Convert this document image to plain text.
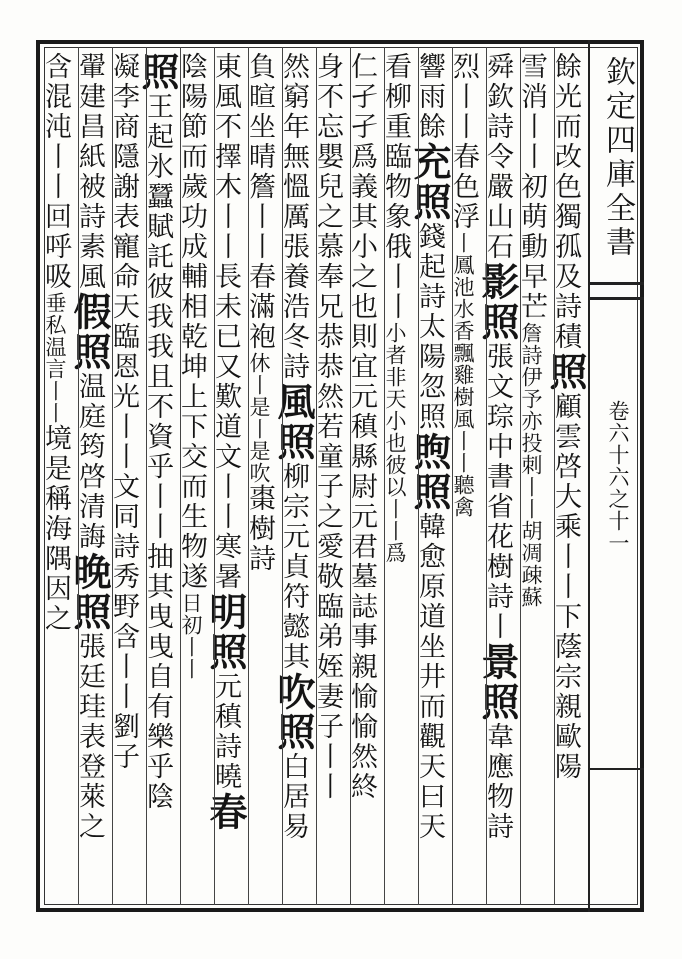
欽定四庫全書
卷六十六之十一
餘光而改色獨孤及詩積照顧雲啓大乘丨丨下蔭宗親歐陽
雪消丨丨初萌動早芒詹詩伊予亦投刺丨丨胡凋疎蘇
舜欽詩令嚴山石影照張文琮中書省花樹詩丨景照韋應物詩
烈丨丨春色浮丨鳳池水香飄雞樹風丨丨聽禽
響雨餘充照錢起詩太陽忽照煦照韓愈原道坐井而觀天曰天
看柳重臨物象俄丨丨小者非天小也彼以丨丨爲
仁孑孑爲義其小之也則宜元稹縣尉元君墓誌事親愉愉然終
身不忘嬰兒之慕奉兄恭恭然若童子之愛敬臨弟姪妻子丨丨
然窮年無慍厲張養浩冬詩風照柳宗元貞符懿其吹照白居易
負暄坐晴簷丨丨春滿袍休丨是丨是吹棗樹詩
東風不擇木丨丨長未已又歎道文丨丨寒暑明照元稹詩曉春
陰陽節而歲功成輔相乾坤上下交而生物遂日初丨丨
照王起氷蠶賦託彼我我且不資乎丨丨抽其曳曳自有樂乎陰
凝李商隱謝表寵命天臨恩光丨丨文同詩秀野含丨丨劉子
翬建昌紙被詩素風假照温庭筠啓清誨晚照張廷珪表登萊之
含混沌丨丨回呼吸垂私温言丨丨境是稱海隅因之
